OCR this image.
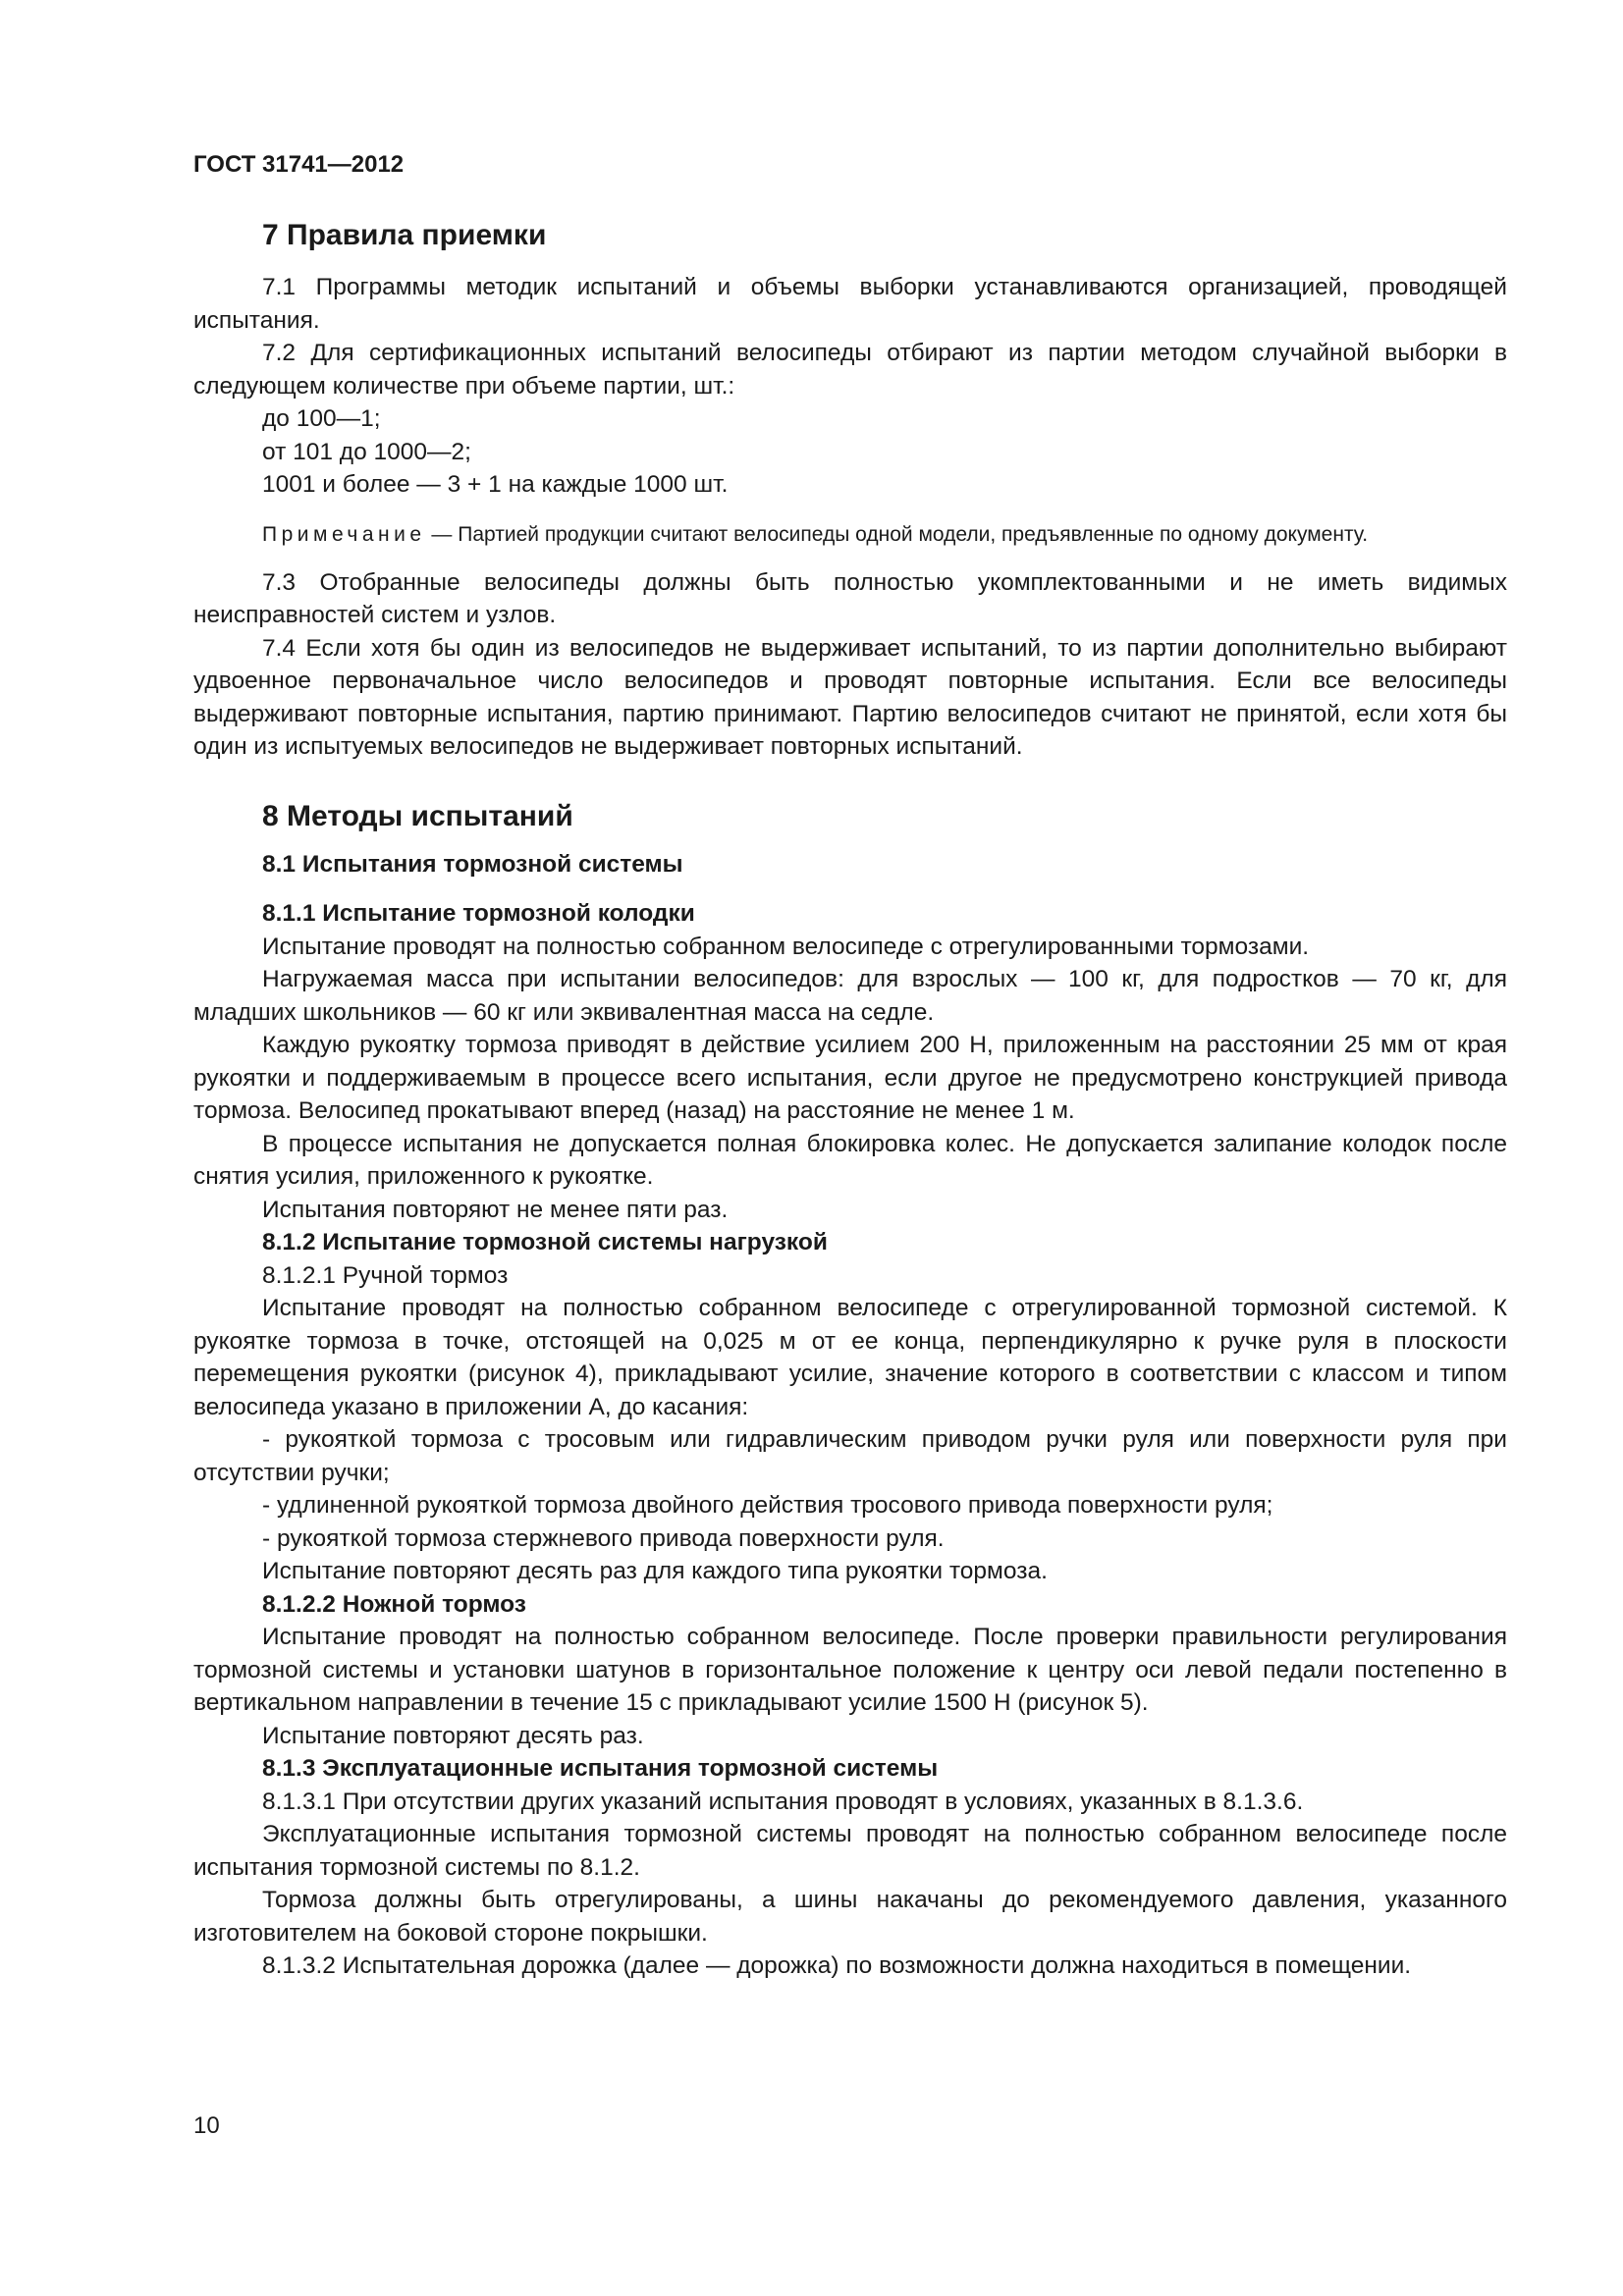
ГОСТ 31741—2012

7 Правила приемки

7.1 Программы методик испытаний и объемы выборки устанавливаются организацией, проводящей испытания.

7.2 Для сертификационных испытаний велосипеды отбирают из партии методом случайной выборки в следующем количестве при объеме партии, шт.:

до 100—1;

от 101 до 1000—2;

1001 и более — 3 + 1 на каждые 1000 шт.

Примечание — Партией продукции считают велосипеды одной модели, предъявленные по одному документу.

7.3 Отобранные велосипеды должны быть полностью укомплектованными и не иметь видимых неисправностей систем и узлов.

7.4 Если хотя бы один из велосипедов не выдерживает испытаний, то из партии дополнительно выбирают удвоенное первоначальное число велосипедов и проводят повторные испытания. Если все велосипеды выдерживают повторные испытания, партию принимают. Партию велосипедов считают не принятой, если хотя бы один из испытуемых велосипедов не выдерживает повторных испытаний.

8 Методы испытаний
8.1 Испытания тормозной системы
8.1.1 Испытание тормозной колодки

Испытание проводят на полностью собранном велосипеде с отрегулированными тормозами.

Нагружаемая масса при испытании велосипедов: для взрослых — 100 кг, для подростков — 70 кг, для младших школьников — 60 кг или эквивалентная масса на седле.

Каждую рукоятку тормоза приводят в действие усилием 200 Н, приложенным на расстоянии 25 мм от края рукоятки и поддерживаемым в процессе всего испытания, если другое не предусмотрено конструкцией привода тормоза. Велосипед прокатывают вперед (назад) на расстояние не менее 1 м.

В процессе испытания не допускается полная блокировка колес. Не допускается залипание колодок после снятия усилия, приложенного к рукоятке.

Испытания повторяют не менее пяти раз.

8.1.2 Испытание тормозной системы нагрузкой

8.1.2.1 Ручной тормоз

Испытание проводят на полностью собранном велосипеде с отрегулированной тормозной системой. К рукоятке тормоза в точке, отстоящей на 0,025 м от ее конца, перпендикулярно к ручке руля в плоскости перемещения рукоятки (рисунок 4), прикладывают усилие, значение которого в соответствии с классом и типом велосипеда указано в приложении А, до касания:

- рукояткой тормоза с тросовым или гидравлическим приводом ручки руля или поверхности руля при отсутствии ручки;

- удлиненной рукояткой тормоза двойного действия тросового привода поверхности руля;

- рукояткой тормоза стержневого привода поверхности руля.

Испытание повторяют десять раз для каждого типа рукоятки тормоза.

8.1.2.2 Ножной тормоз

Испытание проводят на полностью собранном велосипеде. После проверки правильности регулирования тормозной системы и установки шатунов в горизонтальное положение к центру оси левой педали постепенно в вертикальном направлении в течение 15 с прикладывают усилие 1500 Н (рисунок 5).

Испытание повторяют десять раз.

8.1.3 Эксплуатационные испытания тормозной системы

8.1.3.1 При отсутствии других указаний испытания проводят в условиях, указанных в 8.1.3.6.

Эксплуатационные испытания тормозной системы проводят на полностью собранном велосипеде после испытания тормозной системы по 8.1.2.

Тормоза должны быть отрегулированы, а шины накачаны до рекомендуемого давления, указанного изготовителем на боковой стороне покрышки.

8.1.3.2 Испытательная дорожка (далее — дорожка) по возможности должна находиться в помещении.

10
